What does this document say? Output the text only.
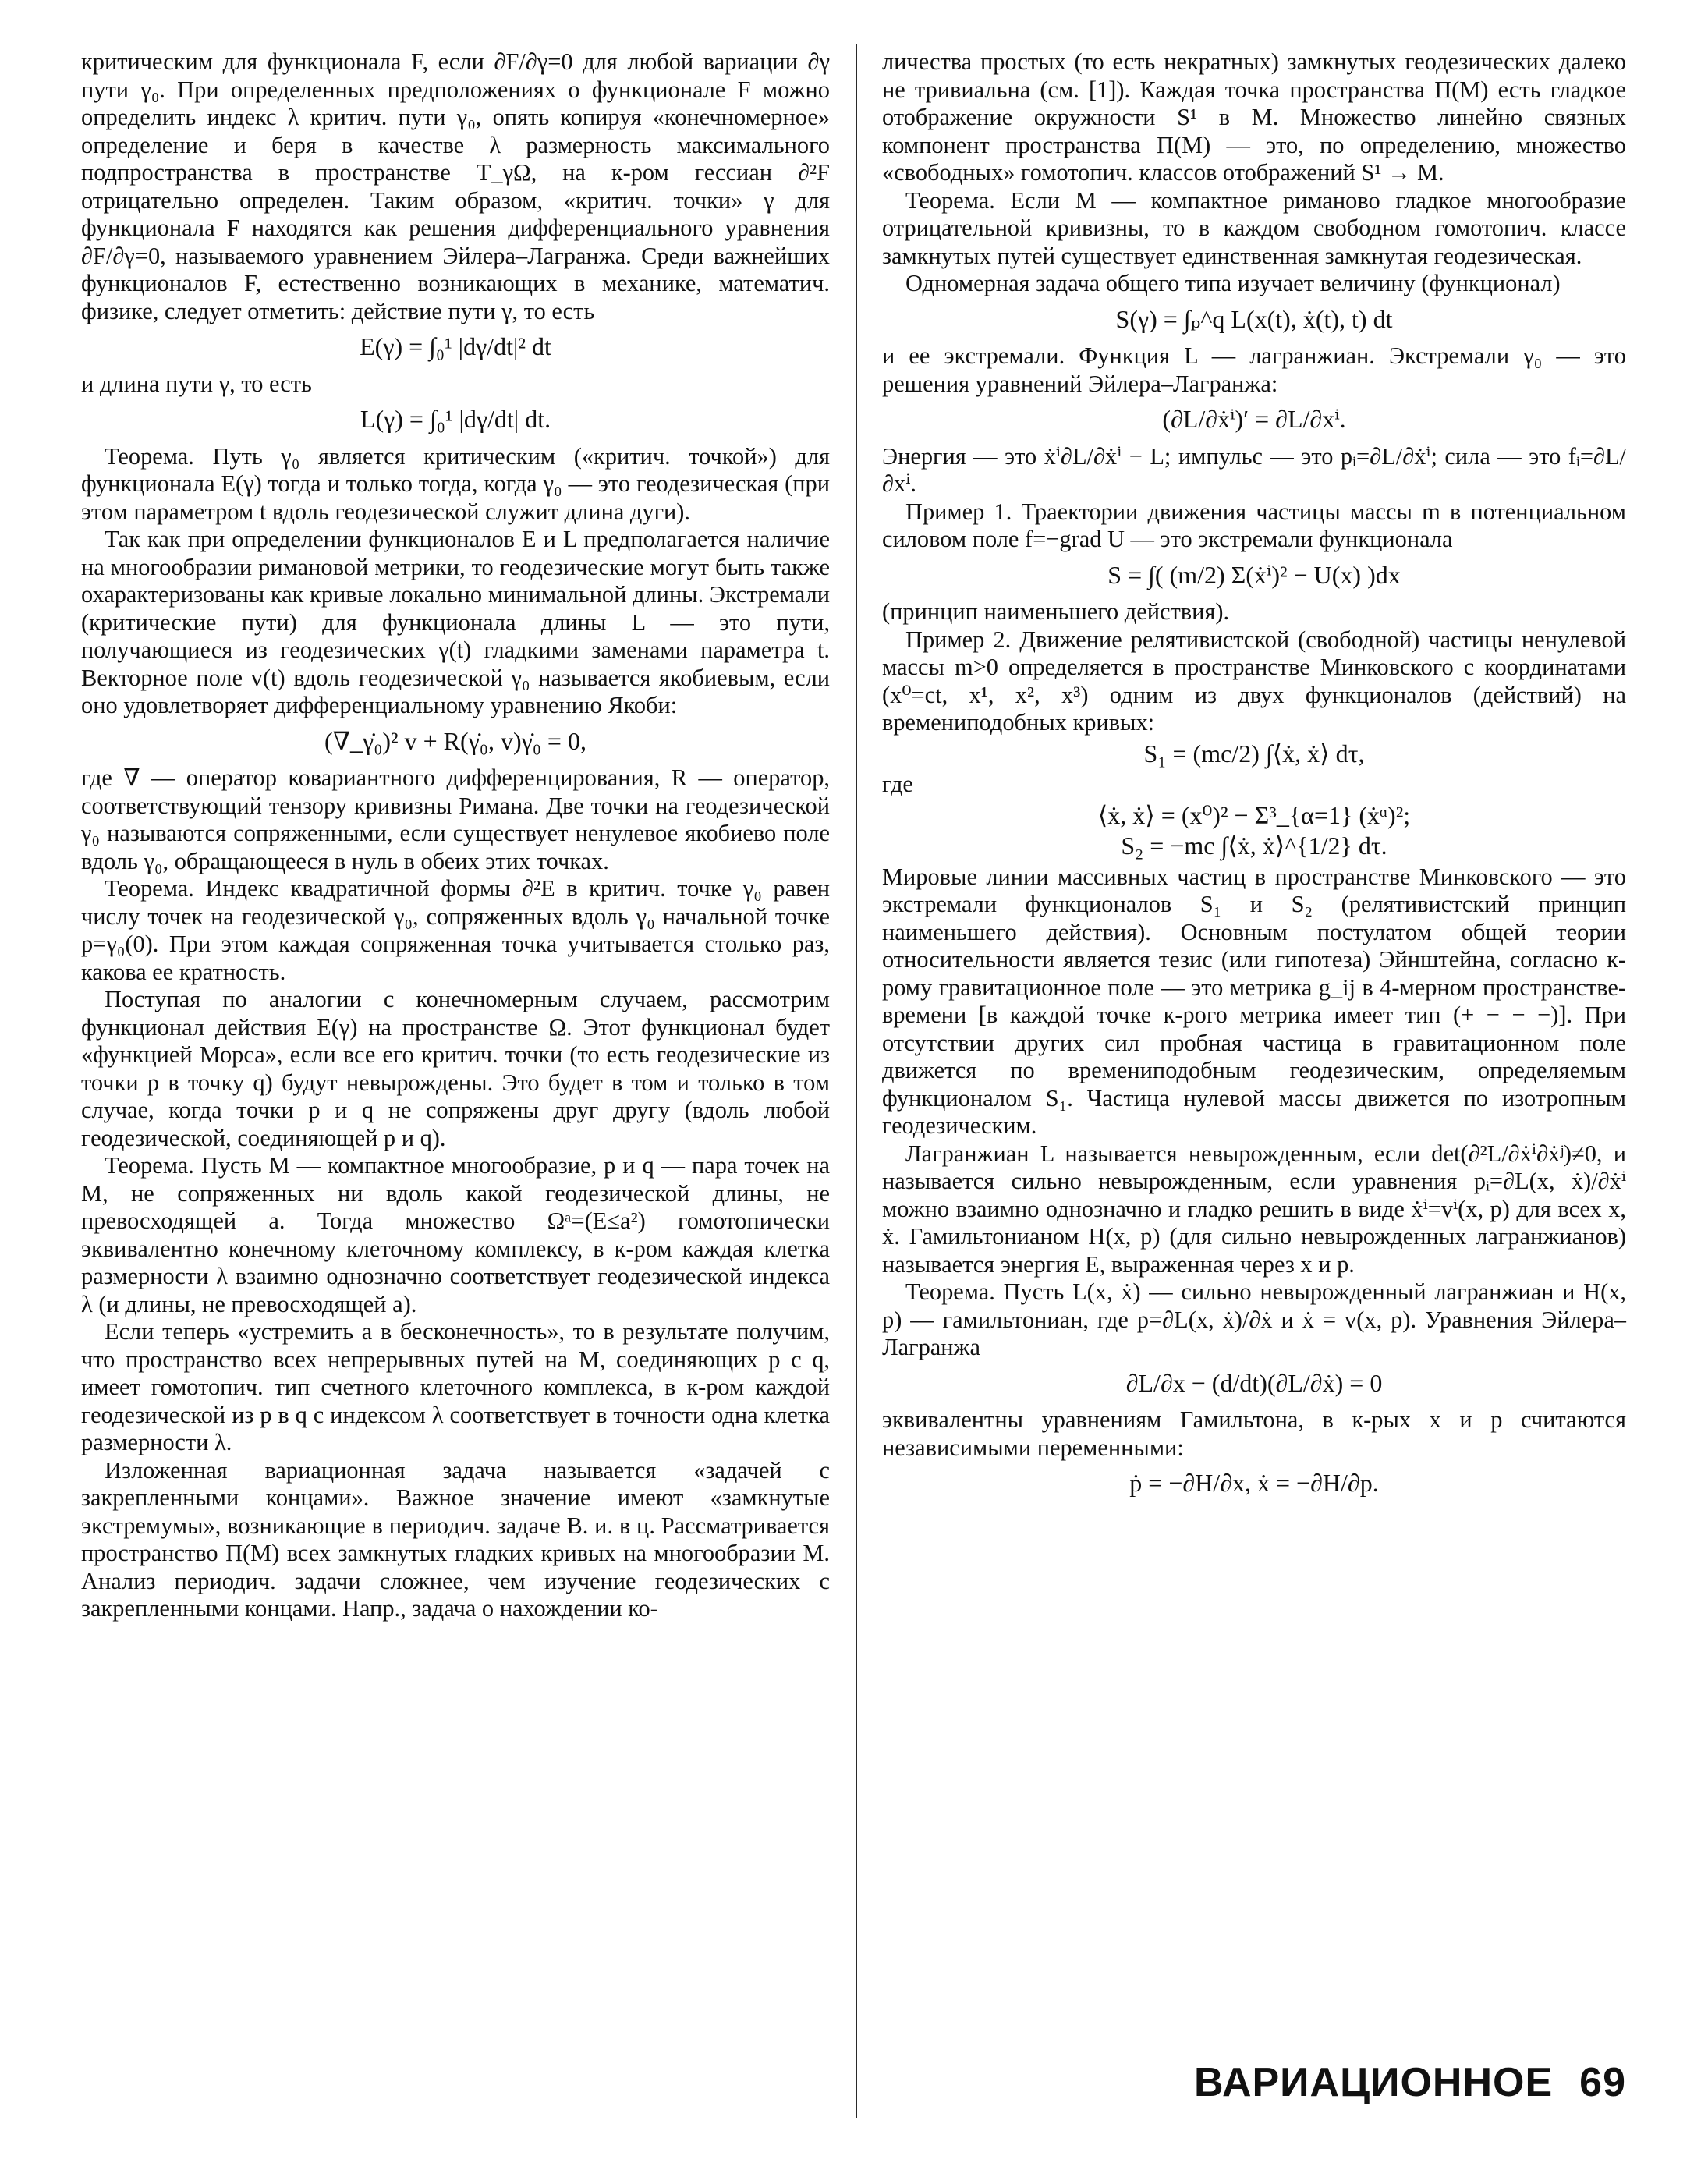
критическим для функционала F, если ∂F/∂γ=0 для любой вариации ∂γ пути γ₀. При определенных предположениях о функционале F можно определить индекс λ критич. пути γ₀, опять копируя «конечномерное» определение и беря в качестве λ размерность максимального подпространства в пространстве T_γΩ, на к-ром гессиан ∂²F отрицательно определен. Таким образом, «критич. точки» γ для функционала F находятся как решения дифференциального уравнения ∂F/∂γ=0, называемого уравнением Эйлера–Лагранжа. Среди важнейших функционалов F, естественно возникающих в механике, математич. физике, следует отметить: действие пути γ, то есть

E(γ) = ∫₀¹ |dγ/dt|² dt

и длина пути γ, то есть

L(γ) = ∫₀¹ |dγ/dt| dt.

Теорема. Путь γ₀ является критическим («критич. точкой») для функционала E(γ) тогда и только тогда, когда γ₀ — это геодезическая (при этом параметром t вдоль геодезической служит длина дуги).

Так как при определении функционалов E и L предполагается наличие на многообразии римановой метрики, то геодезические могут быть также охарактеризованы как кривые локально минимальной длины. Экстремали (критические пути) для функционала длины L — это пути, получающиеся из геодезических γ(t) гладкими заменами параметра t. Векторное поле v(t) вдоль геодезической γ₀ называется якобиевым, если оно удовлетворяет дифференциальному уравнению Якоби:

(∇_γ̇₀)² v + R(γ̇₀, v)γ̇₀ = 0,

где ∇ — оператор ковариантного дифференцирования, R — оператор, соответствующий тензору кривизны Римана. Две точки на геодезической γ₀ называются сопряженными, если существует ненулевое якобиево поле вдоль γ₀, обращающееся в нуль в обеих этих точках.

Теорема. Индекс квадратичной формы ∂²E в критич. точке γ₀ равен числу точек на геодезической γ₀, сопряженных вдоль γ₀ начальной точке p=γ₀(0). При этом каждая сопряженная точка учитывается столько раз, какова ее кратность.

Поступая по аналогии с конечномерным случаем, рассмотрим функционал действия E(γ) на пространстве Ω. Этот функционал будет «функцией Морса», если все его критич. точки (то есть геодезические из точки p в точку q) будут невырождены. Это будет в том и только в том случае, когда точки p и q не сопряжены друг другу (вдоль любой геодезической, соединяющей p и q).

Теорема. Пусть M — компактное многообразие, p и q — пара точек на M, не сопряженных ни вдоль какой геодезической длины, не превосходящей a. Тогда множество Ωᵃ=(E≤a²) гомотопически эквивалентно конечному клеточному комплексу, в к-ром каждая клетка размерности λ взаимно однозначно соответствует геодезической индекса λ (и длины, не превосходящей a).

Если теперь «устремить a в бесконечность», то в результате получим, что пространство всех непрерывных путей на M, соединяющих p с q, имеет гомотопич. тип счетного клеточного комплекса, в к-ром каждой геодезической из p в q с индексом λ соответствует в точности одна клетка размерности λ.

Изложенная вариационная задача называется «задачей с закрепленными концами». Важное значение имеют «замкнутые экстремумы», возникающие в периодич. задаче В. и. в ц. Рассматривается пространство Π(M) всех замкнутых гладких кривых на многообразии M. Анализ периодич. задачи сложнее, чем изучение геодезических с закрепленными концами. Напр., задача о нахождении ко-

личества простых (то есть некратных) замкнутых геодезических далеко не тривиальна (см. [1]). Каждая точка пространства Π(M) есть гладкое отображение окружности S¹ в M. Множество линейно связных компонент пространства Π(M) — это, по определению, множество «свободных» гомотопич. классов отображений S¹ → M.

Теорема. Если M — компактное риманово гладкое многообразие отрицательной кривизны, то в каждом свободном гомотопич. классе замкнутых путей существует единственная замкнутая геодезическая.

Одномерная задача общего типа изучает величину (функционал)

S(γ) = ∫ₚ^q L(x(t), ẋ(t), t) dt

и ее экстремали. Функция L — лагранжиан. Экстремали γ₀ — это решения уравнений Эйлера–Лагранжа:

(∂L/∂ẋⁱ)′ = ∂L/∂xⁱ.

Энергия — это ẋⁱ∂L/∂ẋⁱ − L; импульс — это pᵢ=∂L/∂ẋⁱ; сила — это fᵢ=∂L/∂xⁱ.

Пример 1. Траектории движения частицы массы m в потенциальном силовом поле f=−grad U — это экстремали функционала

S = ∫( (m/2) Σ(ẋⁱ)² − U(x) )dx

(принцип наименьшего действия).

Пример 2. Движение релятивистской (свободной) частицы ненулевой массы m>0 определяется в пространстве Минковского с координатами (x⁰=ct, x¹, x², x³) одним из двух функционалов (действий) на времениподобных кривых:

S₁ = (mc/2) ∫⟨ẋ, ẋ⟩ dτ,

где

⟨ẋ, ẋ⟩ = (x⁰)² − Σ³_{α=1} (ẋᵅ)²;

S₂ = −mc ∫⟨ẋ, ẋ⟩^{1/2} dτ.

Мировые линии массивных частиц в пространстве Минковского — это экстремали функционалов S₁ и S₂ (релятивистский принцип наименьшего действия). Основным постулатом общей теории относительности является тезис (или гипотеза) Эйнштейна, согласно к-рому гравитационное поле — это метрика g_ij в 4-мерном пространстве-времени [в каждой точке к-рого метрика имеет тип (+ − − −)]. При отсутствии других сил пробная частица в гравитационном поле движется по времениподобным геодезическим, определяемым функционалом S₁. Частица нулевой массы движется по изотропным геодезическим.

Лагранжиан L называется невырожденным, если det(∂²L/∂ẋⁱ∂ẋʲ)≠0, и называется сильно невырожденным, если уравнения pᵢ=∂L(x, ẋ)/∂ẋⁱ можно взаимно однозначно и гладко решить в виде ẋⁱ=vⁱ(x, p) для всех x, ẋ. Гамильтонианом H(x, p) (для сильно невырожденных лагранжианов) называется энергия E, выраженная через x и p.

Теорема. Пусть L(x, ẋ) — сильно невырожденный лагранжиан и H(x, p) — гамильтониан, где p=∂L(x, ẋ)/∂ẋ и ẋ = v(x, p). Уравнения Эйлера–Лагранжа

∂L/∂x − (d/dt)(∂L/∂ẋ) = 0

эквивалентны уравнениям Гамильтона, в к-рых x и p считаются независимыми переменными:

ṗ = −∂H/∂x, ẋ = −∂H/∂p.

ВАРИАЦИОННОЕ 69
